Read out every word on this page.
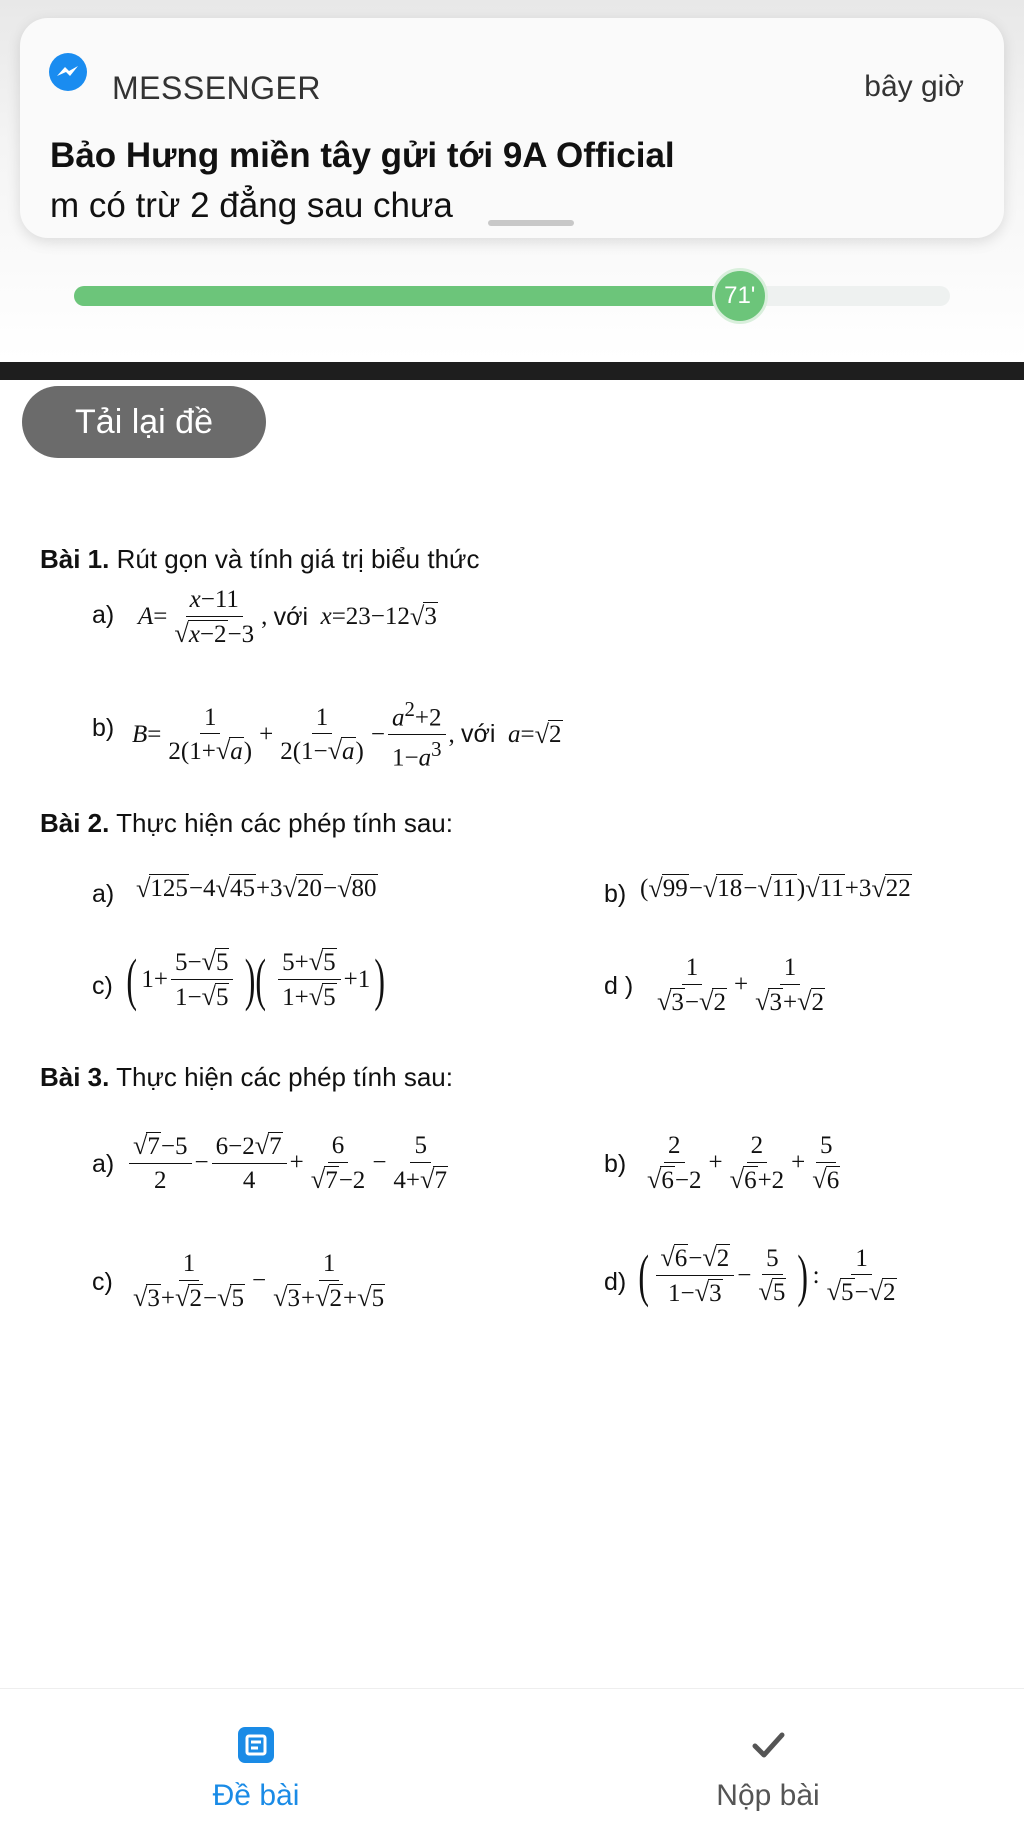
MESSENGER	bây giờ
Bảo Hưng miền tây gửi tới 9A Official
m có trừ 2 đẳng sau chưa
71'
Tải lại đề
Bài 1. Rút gọn và tính giá trị biểu thức
a) $A = \frac{x-11}{√ x-2 -3}$ , với
x =23−12 √ 3
b) $B = \frac{1}{2(1+ √ a )} + \frac{1}{2(1- √ a )} - \frac{a^2+2}{1-a^3}$ , với
a = √ 2
Bài 2. Thực hiện các phép tính sau:
a) √ 125 −4 √ 45 +3 √ 20 − √ 80	b) ( √ 99 − √ 18 − √ 11 ) √ 11 +3 √ 22
c) ( $1+ \frac{5- √ 5}{1- √ 5}$ )( $\frac{5+ √ 5}{1+ √ 5} +1$ )	d ) $\frac{1}{√ 3 - √ 2} + \frac{1}{√ 3 + √ 2}$
Bài 3. Thực hiện các phép tính sau:
$a) \frac{√ 7 -5}{2} - \frac{6-2 √ 7}{4} + \frac{6}{√ 7 -2} - \frac{5}{4+ √ 7}$	$b) \frac{2}{√ 6 -2} + \frac{2}{√ 6 +2} + \frac{5}{√ 6}$
$c) \frac{1}{√ 3 + √ 2 - √ 5} - \frac{1}{√ 3 + √ 2 + √ 5}$	d) ( $\frac{√ 6 - √ 2}{1- √ 3} - \frac{5}{√ 5}$ ) : $\frac{1}{√ 5 - √ 2}$
Đề bài	Nộp bài
